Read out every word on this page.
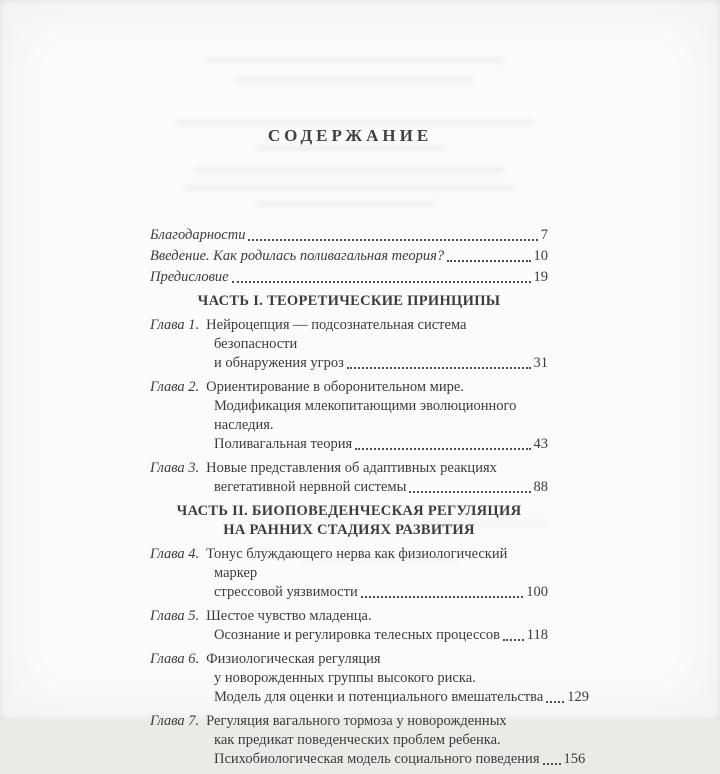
СОДЕРЖАНИЕ
Благодарности	7
Введение. Как родилась поливагальная теория?	10
Предисловие	19
ЧАСТЬ I. ТЕОРЕТИЧЕСКИЕ ПРИНЦИПЫ
Глава 1. Нейроцепция — подсознательная система безопасности
и обнаружения угроз	31
Глава 2. Ориентирование в оборонительном мире.
Модификация млекопитающими эволюционного наследия.
Поливагальная теория	43
Глава 3. Новые представления об адаптивных реакциях
вегетативной нервной системы	88
ЧАСТЬ II. БИОПОВЕДЕНЧЕСКАЯ РЕГУЛЯЦИЯ
НА РАННИХ СТАДИЯХ РАЗВИТИЯ
Глава 4. Тонус блуждающего нерва как физиологический маркер
стрессовой уязвимости	100
Глава 5. Шестое чувство младенца.
Осознание и регулировка телесных процессов 118
Глава 6. Физиологическая регуляция
у новорожденных группы высокого риска.
Модель для оценки и потенциального вмешательства 129
Глава 7. Регуляция вагального тормоза у новорожденных
как предикат поведенческих проблем ребенка.
Психобиологическая модель социального поведения 156
